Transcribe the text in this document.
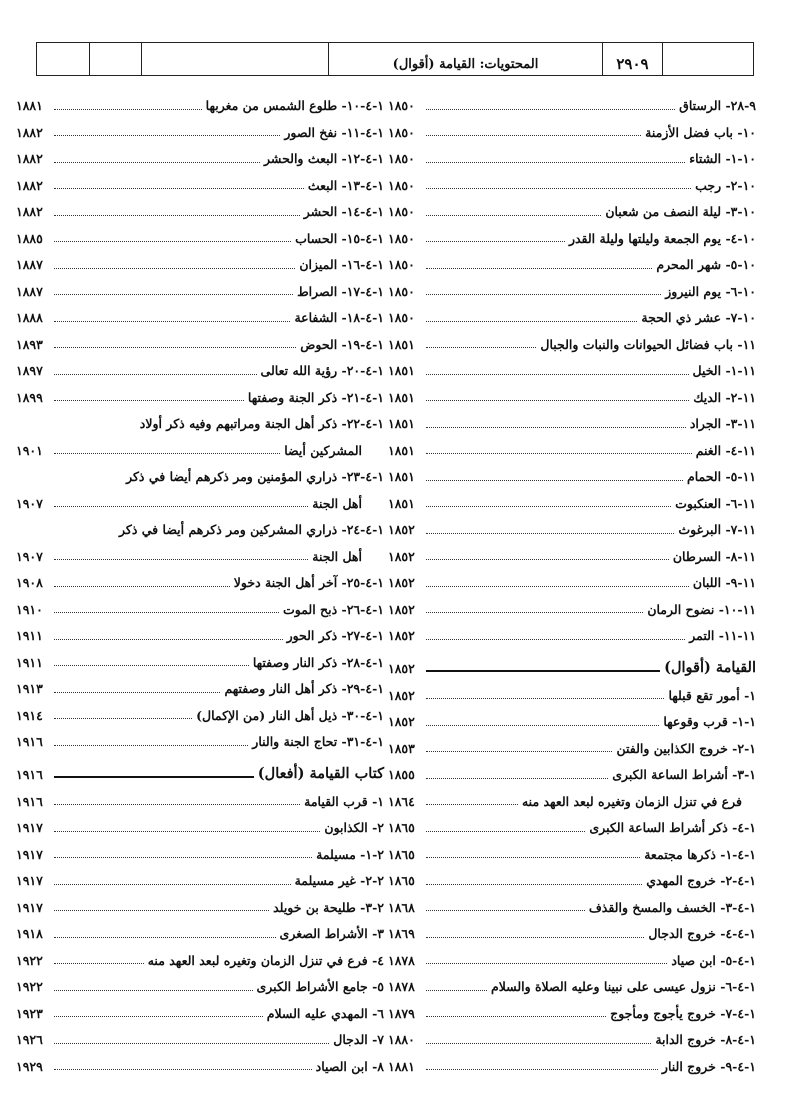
المحتويات: القيامة (أقوال)	٢٩٠٩
٩-٢٨- الرستاق
١٨٥٠
١٠- باب فضل الأزمنة
١٨٥٠
١٠-١- الشتاء
١٨٥٠
١٠-٢- رجب
١٨٥٠
١٠-٣- ليلة النصف من شعبان
١٨٥٠
١٠-٤- يوم الجمعة وليلتها وليلة القدر
١٨٥٠
١٠-٥- شهر المحرم
١٨٥٠
١٠-٦- يوم النيروز
١٨٥٠
١٠-٧- عشر ذي الحجة
١٨٥٠
١١- باب فضائل الحيوانات والنبات والجبال
١٨٥١
١١-١- الخيل
١٨٥١
١١-٢- الديك
١٨٥١
١١-٣- الجراد
١٨٥١
١١-٤- الغنم
١٨٥١
١١-٥- الحمام
١٨٥١
١١-٦- العنكبوت
١٨٥١
١١-٧- البرغوث
١٨٥٢
١١-٨- السرطان
١٨٥٢
١١-٩- اللبان
١٨٥٢
١١-١٠- نضوح الرمان
١٨٥٢
١١-١١- التمر
١٨٥٢
القيامة (أقوال)
١٨٥٢
١- أمور تقع قبلها
١٨٥٢
١-١- قرب وقوعها
١٨٥٢
١-٢- خروج الكذابين والفتن
١٨٥٣
١-٣- أشراط الساعة الكبرى
١٨٥٥
فرع في تنزل الزمان وتغيره لبعد العهد منه
١٨٦٤
١-٤- ذكر أشراط الساعة الكبرى
١٨٦٥
١-٤-١- ذكرها مجتمعة
١٨٦٥
١-٤-٢- خروج المهدي
١٨٦٥
١-٤-٣- الخسف والمسخ والقذف
١٨٦٨
١-٤-٤- خروج الدجال
١٨٦٩
١-٤-٥- ابن صياد
١٨٧٨
١-٤-٦- نزول عيسى على نبينا وعليه الصلاة والسلام
١٨٧٨
١-٤-٧- خروج يأجوج ومأجوج
١٨٧٩
١-٤-٨- خروج الدابة
١٨٨٠
١-٤-٩- خروج النار
١٨٨١
١-٤-١٠- طلوع الشمس من مغربها
١٨٨١
١-٤-١١- نفخ الصور
١٨٨٢
١-٤-١٢- البعث والحشر
١٨٨٢
١-٤-١٣- البعث
١٨٨٢
١-٤-١٤- الحشر
١٨٨٢
١-٤-١٥- الحساب
١٨٨٥
١-٤-١٦- الميزان
١٨٨٧
١-٤-١٧- الصراط
١٨٨٧
١-٤-١٨- الشفاعة
١٨٨٨
١-٤-١٩- الحوض
١٨٩٣
١-٤-٢٠- رؤية الله تعالى
١٨٩٧
١-٤-٢١- ذكر الجنة وصفتها
١٨٩٩
١-٤-٢٢- ذكر أهل الجنة ومراتبهم وفيه ذكر أولاد
المشركين أيضا
١٩٠١
١-٤-٢٣- ذراري المؤمنين ومر ذكرهم أيضا في ذكر
أهل الجنة
١٩٠٧
١-٤-٢٤- ذراري المشركين ومر ذكرهم أيضا في ذكر
أهل الجنة
١٩٠٧
١-٤-٢٥- آخر أهل الجنة دخولا
١٩٠٨
١-٤-٢٦- ذبح الموت
١٩١٠
١-٤-٢٧- ذكر الحور
١٩١١
١-٤-٢٨- ذكر النار وصفتها
١٩١١
١-٤-٢٩- ذكر أهل النار وصفتهم
١٩١٣
١-٤-٣٠- ذيل أهل النار (من الإكمال)
١٩١٤
١-٤-٣١- تحاج الجنة والنار
١٩١٦
كتاب القيامة (أفعال)
١٩١٦
١- قرب القيامة
١٩١٦
٢- الكذابون
١٩١٧
٢-١- مسيلمة
١٩١٧
٢-٢- غير مسيلمة
١٩١٧
٢-٣- طليحة بن خويلد
١٩١٧
٣- الأشراط الصغرى
١٩١٨
٤- فرع في تنزل الزمان وتغيره لبعد العهد منه
١٩٢٢
٥- جامع الأشراط الكبرى
١٩٢٢
٦- المهدي عليه السلام
١٩٢٣
٧- الدجال
١٩٢٦
٨- ابن الصياد
١٩٢٩
